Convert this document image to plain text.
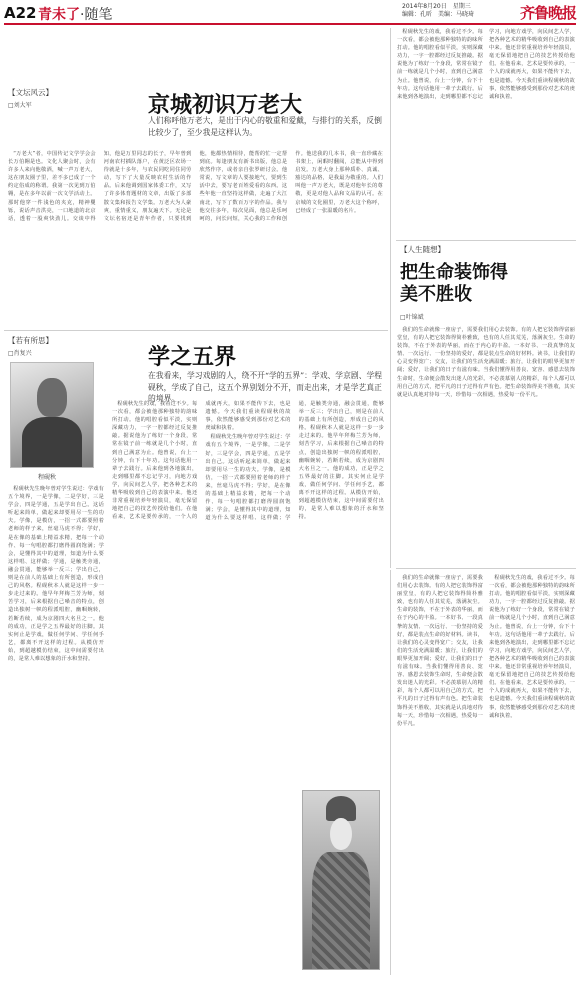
A22 青未了·随笔
2014年8月20日　星期三
编辑：孔昕　美编：马晓琦	齐鲁晚报
【文坛风云】
□刘大军	京城初识万老大
人们称呼他万老大，是出于内心的敬重和爱戴，与排行的关系，反倒比较少了，至少我是这样认为。

“万老大”者，中国传记文学学会会长万伯翱是也。文化人聚会时，会有许多人来向他敬酒，喊一声万老大，这在朋友圈子里，差不多已成了一个约定俗成的称谓。我第一次见到万伯翱，是在多年以前一次文学活动上。那时他穿一件浅色的夹克，精神矍铄，说话声音洪亮，一口地道的北京话，透着一股爽快劲儿。交谈中得知，他是万里同志的长子，早年曾到河南农村插队落户，在黄泛区农场一待就是十多年，与农民同吃同住同劳动，写下了大量反映农村生活的作品。后来他调到国家体委工作，又写了许多体育题材的文章，出版了多部散文集和报告文学集。万老大为人豪爽，重情重义，朋友遍天下。无论是文坛名宿还是青年作者，只要找到他，他都热情相待，能帮的忙一定帮到底。每逢朋友有新书出版，他总是欣然作序，或者亲自张罗研讨会。他常说，写文章的人要接地气，要到生活中去，要写老百姓爱看的东西。这些年他一直坚持这样做，走遍了大江南北，写下了数百万字的作品。我与他交往多年，每次见面，他总是乐呵呵的，问长问短，关心我的工作和创作。他送我的几本书，我一直珍藏在书架上，闲暇时翻阅，总能从中得到启发。万老大身上那种质朴、真诚、豁达的品格，是我最为敬重的。人们叫他一声万老大，既是对他年长的尊敬，更是对他人品和文品的认可。在京城的文化圈里，万老大这个称呼，已经成了一张温暖的名片。

程砚秋先生的戏，我看过不少。每一次看，都会被他那种独特的韵味所打动。他的唱腔看似平淡，实则深藏功力，一字一腔都经过反复推敲。据说他为了练好一个身段，常常在镜子前一练就是几个小时，直到自己满意为止。他曾说，台上一分钟，台下十年功。这句话他用一辈子去践行。后来他到各地演出，走到哪里都不忘记学习，向地方戏学，向民间艺人学，把各种艺术的精华吸收到自己的表演中来。他还非常重视培养年轻演员，毫无保留地把自己的技艺传授给他们。在他看来，艺术是要传承的，一个人的成就再大，如果不能传下去，也是遗憾。今天我们重读程砚秋的故事，依然能够感受到那份对艺术的虔诚和执着。

【人生随想】
把生命装饰得
美不胜收
□叶锦斌

我们的生命就像一座房子，需要我们用心去装饰。有的人把它装饰得富丽堂皇，有的人把它装饰得简朴雅致，也有的人任其荒芜，落满灰尘。生命的装饰，不在于外表的华丽，而在于内心的丰盈。一本好书、一段真挚的友情、一次远行、一份坚持的爱好，都是装点生命的好材料。读书，让我们的心灵变得宽广；交友，让我们的生活充满温暖；旅行，让我们的眼界更加开阔；爱好，让我们的日子有滋有味。当我们懂得用善良、宽容、感恩去装饰生命时，生命便会散发出迷人的光彩。不必羡慕别人的精彩，每个人都可以用自己的方式，把平凡的日子过得有声有色。把生命装饰得美不胜收，其实就是认真地对待每一天，珍惜每一次相遇，热爱每一份平凡。

【若有所思】
□肖复兴
程砚秋
学之五界
在我看来，学习戏剧的人，绕不开“学的五界”：学戏、学京剧、学程砚秋，学成了自己，这五个界别划分不开，而走出来，才是学艺真正的境界。

程砚秋先生晚年曾对学生说过：学戏有五个境界，一是学像，二是学好，三是学会，四是学通，五是学出自己。这话听起来简单，做起来却要用尽一生的功夫。学像，是模仿，一招一式都要照着老师的样子来，丝毫马虎不得；学好，是在像的基础上精益求精，把每一个动作、每一句唱腔都打磨得圆润饱满；学会，是懂得其中的道理，知道为什么要这样唱、这样做；学通，是触类旁通，融会贯通，能够举一反三；学出自己，则是在前人的基础上有所创造，形成自己的风格。程砚秋本人就是这样一步一步走过来的。他早年拜梅兰芳为师，刻苦学习，后来根据自己嗓音的特点，创造出独树一帜的程派唱腔，幽咽婉转，若断若续，成为京剧四大名旦之一。他的成功，正是学之五界最好的注脚。其实何止是学戏，做任何学问、学任何手艺，都离不开这样的过程。从模仿开始，到超越模仿结束，这中间需要付出的，是常人难以想象的汗水和坚持。

程砚秋先生的戏，我看过不少。每一次看，都会被他那种独特的韵味所打动。他的唱腔看似平淡，实则深藏功力，一字一腔都经过反复推敲。据说他为了练好一个身段，常常在镜子前一练就是几个小时，直到自己满意为止。他曾说，台上一分钟，台下十年功。这句话他用一辈子去践行。后来他到各地演出，走到哪里都不忘记学习，向地方戏学，向民间艺人学，把各种艺术的精华吸收到自己的表演中来。他还非常重视培养年轻演员，毫无保留地把自己的技艺传授给他们。在他看来，艺术是要传承的，一个人的成就再大，如果不能传下去，也是遗憾。今天我们重读程砚秋的故事，依然能够感受到那份对艺术的虔诚和执着。

程砚秋先生晚年曾对学生说过：学戏有五个境界，一是学像，二是学好，三是学会，四是学通，五是学出自己。这话听起来简单，做起来却要用尽一生的功夫。学像，是模仿，一招一式都要照着老师的样子来，丝毫马虎不得；学好，是在像的基础上精益求精，把每一个动作、每一句唱腔都打磨得圆润饱满；学会，是懂得其中的道理，知道为什么要这样唱、这样做；学通，是触类旁通，融会贯通，能够举一反三；学出自己，则是在前人的基础上有所创造，形成自己的风格。程砚秋本人就是这样一步一步走过来的。他早年拜梅兰芳为师，刻苦学习，后来根据自己嗓音的特点，创造出独树一帜的程派唱腔，幽咽婉转，若断若续，成为京剧四大名旦之一。他的成功，正是学之五界最好的注脚。其实何止是学戏，做任何学问、学任何手艺，都离不开这样的过程。从模仿开始，到超越模仿结束，这中间需要付出的，是常人难以想象的汗水和坚持。

我们的生命就像一座房子，需要我们用心去装饰。有的人把它装饰得富丽堂皇，有的人把它装饰得简朴雅致，也有的人任其荒芜，落满灰尘。生命的装饰，不在于外表的华丽，而在于内心的丰盈。一本好书、一段真挚的友情、一次远行、一份坚持的爱好，都是装点生命的好材料。读书，让我们的心灵变得宽广；交友，让我们的生活充满温暖；旅行，让我们的眼界更加开阔；爱好，让我们的日子有滋有味。当我们懂得用善良、宽容、感恩去装饰生命时，生命便会散发出迷人的光彩。不必羡慕别人的精彩，每个人都可以用自己的方式，把平凡的日子过得有声有色。把生命装饰得美不胜收，其实就是认真地对待每一天，珍惜每一次相遇，热爱每一份平凡。

程砚秋先生的戏，我看过不少。每一次看，都会被他那种独特的韵味所打动。他的唱腔看似平淡，实则深藏功力，一字一腔都经过反复推敲。据说他为了练好一个身段，常常在镜子前一练就是几个小时，直到自己满意为止。他曾说，台上一分钟，台下十年功。这句话他用一辈子去践行。后来他到各地演出，走到哪里都不忘记学习，向地方戏学，向民间艺人学，把各种艺术的精华吸收到自己的表演中来。他还非常重视培养年轻演员，毫无保留地把自己的技艺传授给他们。在他看来，艺术是要传承的，一个人的成就再大，如果不能传下去，也是遗憾。今天我们重读程砚秋的故事，依然能够感受到那份对艺术的虔诚和执着。
